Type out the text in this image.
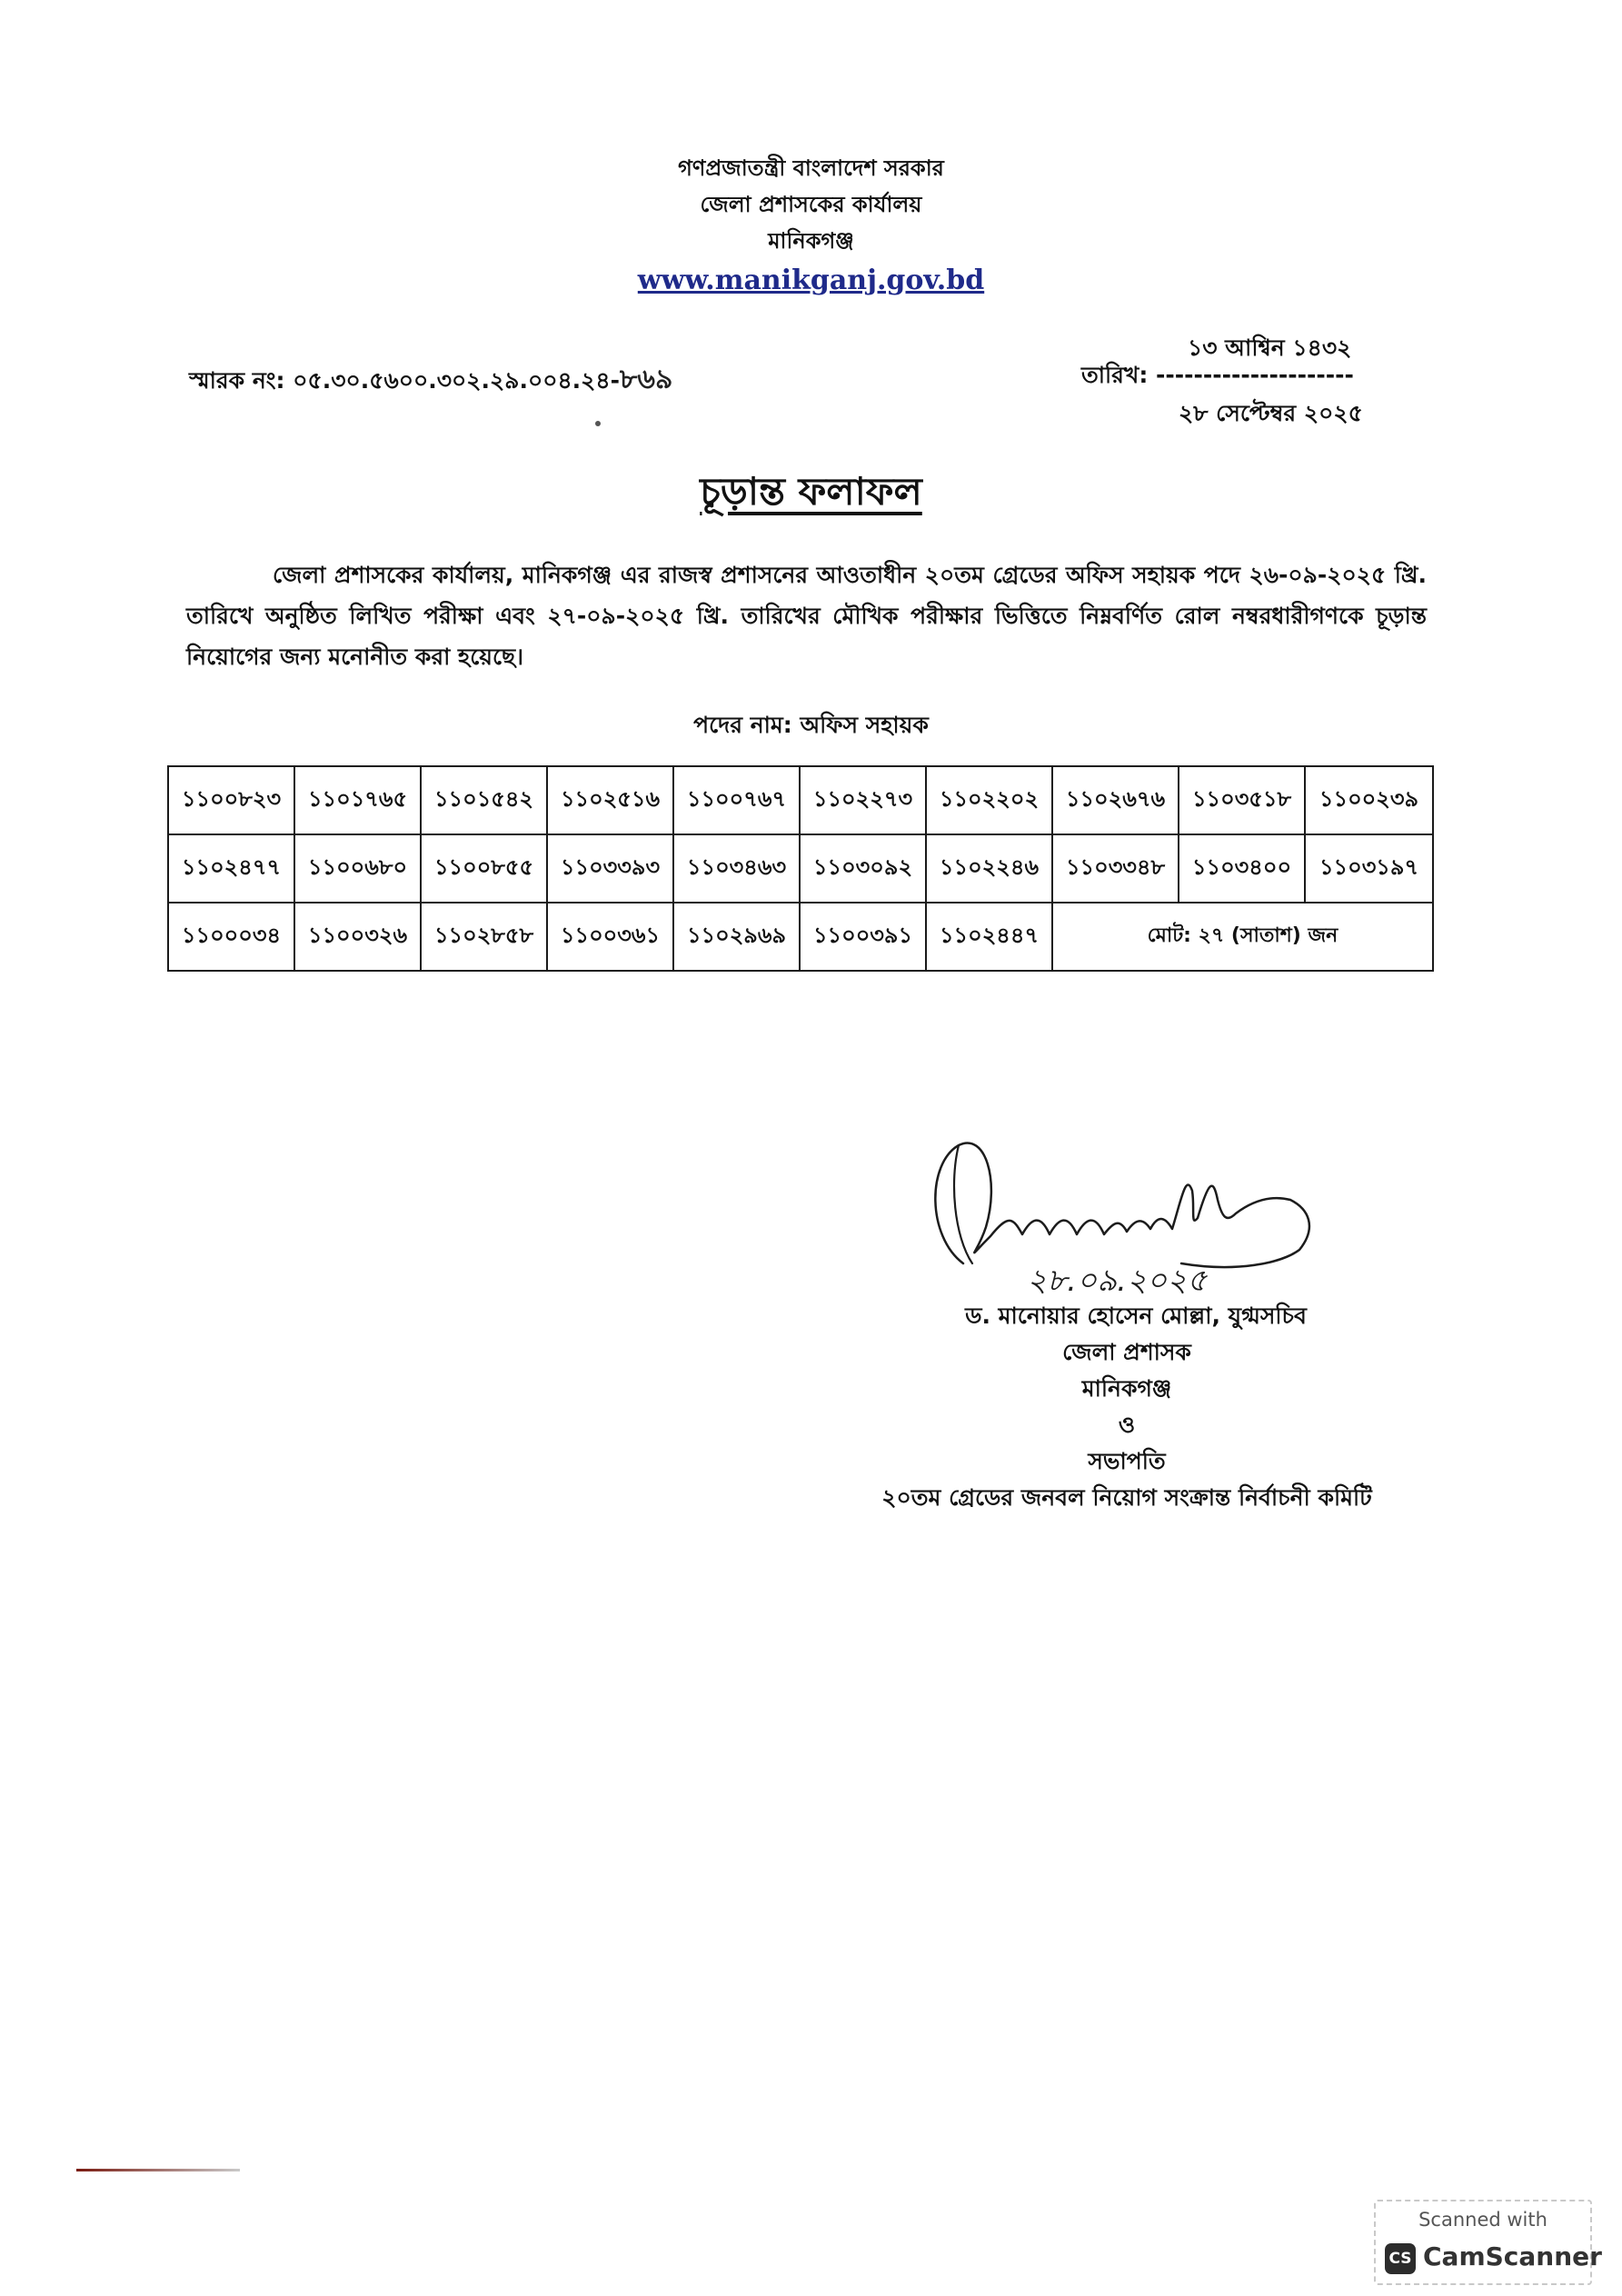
গণপ্রজাতন্ত্রী বাংলাদেশ সরকার
জেলা প্রশাসকের কার্যালয়
মানিকগঞ্জ
www.manikganj.gov.bd
স্মারক নং: ০৫.৩০.৫৬০০.৩০২.২৯.০০৪.২৪-৮৬৯
১৩ আশ্বিন ১৪৩২
তারিখ: ---------------------
২৮ সেপ্টেম্বর ২০২৫
চূড়ান্ত ফলাফল
জেলা প্রশাসকের কার্যালয়, মানিকগঞ্জ এর রাজস্ব প্রশাসনের আওতাধীন ২০তম গ্রেডের অফিস সহায়ক পদে ২৬-০৯-২০২৫ খ্রি. তারিখে অনুষ্ঠিত লিখিত পরীক্ষা এবং ২৭-০৯-২০২৫ খ্রি. তারিখের মৌখিক পরীক্ষার ভিত্তিতে নিম্নবর্ণিত রোল নম্বরধারীগণকে চূড়ান্ত নিয়োগের জন্য মনোনীত করা হয়েছে।
পদের নাম: অফিস সহায়ক
১১০০৮২৩	১১০১৭৬৫	১১০১৫৪২	১১০২৫১৬	১১০০৭৬৭	১১০২২৭৩	১১০২২০২	১১০২৬৭৬	১১০৩৫১৮	১১০০২৩৯
১১০২৪৭৭	১১০০৬৮০	১১০০৮৫৫	১১০৩৩৯৩	১১০৩৪৬৩	১১০৩০৯২	১১০২২৪৬	১১০৩৩৪৮	১১০৩৪০০	১১০৩১৯৭
১১০০০৩৪	১১০০৩২৬	১১০২৮৫৮	১১০০৩৬১	১১০২৯৬৯	১১০০৩৯১	১১০২৪৪৭	মোট: ২৭ (সাতাশ) জন		
২৮.০৯.২০২৫
ড. মানোয়ার হোসেন মোল্লা, যুগ্মসচিব
জেলা প্রশাসক
মানিকগঞ্জ
ও
সভাপতি
২০তম গ্রেডের জনবল নিয়োগ সংক্রান্ত নির্বাচনী কমিটি
Scanned with
CS CamScanner
